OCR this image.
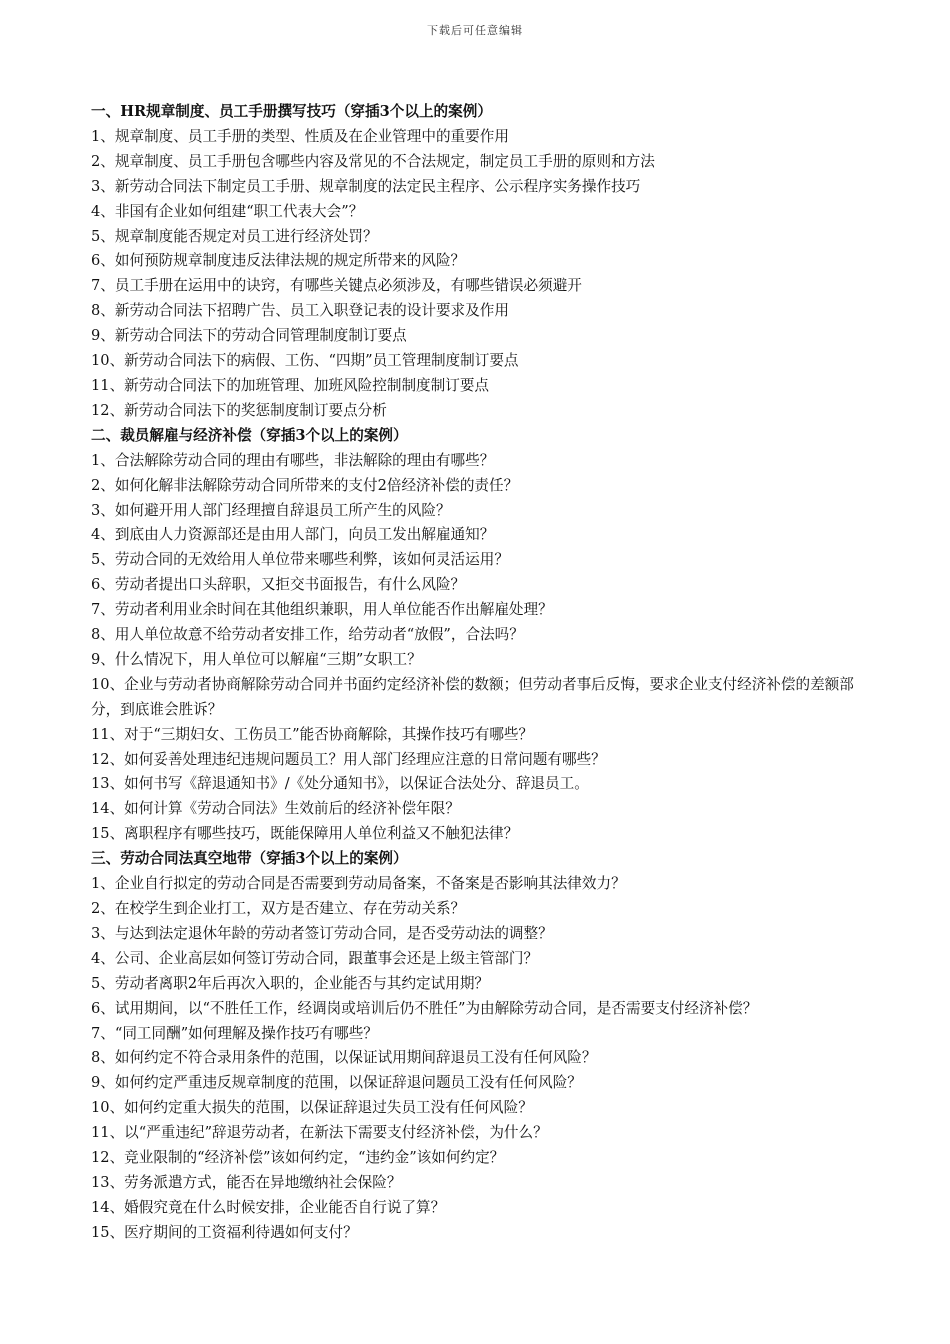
下载后可任意编辑
一、HR规章制度、员工手册撰写技巧（穿插3个以上的案例）
1、规章制度、员工手册的类型、性质及在企业管理中的重要作用
2、规章制度、员工手册包含哪些内容及常见的不合法规定，制定员工手册的原则和方法
3、新劳动合同法下制定员工手册、规章制度的法定民主程序、公示程序实务操作技巧
4、非国有企业如何组建“职工代表大会”？
5、规章制度能否规定对员工进行经济处罚？
6、如何预防规章制度违反法律法规的规定所带来的风险？
7、员工手册在运用中的诀窍，有哪些关键点必须涉及，有哪些错误必须避开
8、新劳动合同法下招聘广告、员工入职登记表的设计要求及作用
9、新劳动合同法下的劳动合同管理制度制订要点
10、新劳动合同法下的病假、工伤、“四期”员工管理制度制订要点
11、新劳动合同法下的加班管理、加班风险控制制度制订要点
12、新劳动合同法下的奖惩制度制订要点分析
二、裁员解雇与经济补偿（穿插3个以上的案例）
1、合法解除劳动合同的理由有哪些，非法解除的理由有哪些？
2、如何化解非法解除劳动合同所带来的支付2倍经济补偿的责任？
3、如何避开用人部门经理擅自辞退员工所产生的风险？
4、到底由人力资源部还是由用人部门，向员工发出解雇通知？
5、劳动合同的无效给用人单位带来哪些利弊，该如何灵活运用？
6、劳动者提出口头辞职，又拒交书面报告，有什么风险？
7、劳动者利用业余时间在其他组织兼职，用人单位能否作出解雇处理？
8、用人单位故意不给劳动者安排工作，给劳动者“放假”，合法吗？
9、什么情况下，用人单位可以解雇“三期”女职工？
10、企业与劳动者协商解除劳动合同并书面约定经济补偿的数额；但劳动者事后反悔，要求企业支付经济补偿的差额部分，到底谁会胜诉？
11、对于“三期妇女、工伤员工”能否协商解除，其操作技巧有哪些？
12、如何妥善处理违纪违规问题员工？用人部门经理应注意的日常问题有哪些？
13、如何书写《辞退通知书》/《处分通知书》，以保证合法处分、辞退员工。
14、如何计算《劳动合同法》生效前后的经济补偿年限？
15、离职程序有哪些技巧，既能保障用人单位利益又不触犯法律？
三、劳动合同法真空地带（穿插3个以上的案例）
1、企业自行拟定的劳动合同是否需要到劳动局备案，不备案是否影响其法律效力？
2、在校学生到企业打工，双方是否建立、存在劳动关系？
3、与达到法定退休年龄的劳动者签订劳动合同，是否受劳动法的调整？
4、公司、企业高层如何签订劳动合同，跟董事会还是上级主管部门？
5、劳动者离职2年后再次入职的，企业能否与其约定试用期？
6、试用期间，以“不胜任工作，经调岗或培训后仍不胜任”为由解除劳动合同，是否需要支付经济补偿？
7、“同工同酬”如何理解及操作技巧有哪些？
8、如何约定不符合录用条件的范围，以保证试用期间辞退员工没有任何风险？
9、如何约定严重违反规章制度的范围，以保证辞退问题员工没有任何风险？
10、如何约定重大损失的范围，以保证辞退过失员工没有任何风险？
11、以“严重违纪”辞退劳动者，在新法下需要支付经济补偿，为什么？
12、竞业限制的“经济补偿”该如何约定，“违约金”该如何约定？
13、劳务派遣方式，能否在异地缴纳社会保险？
14、婚假究竟在什么时候安排，企业能否自行说了算？
15、医疗期间的工资福利待遇如何支付？
